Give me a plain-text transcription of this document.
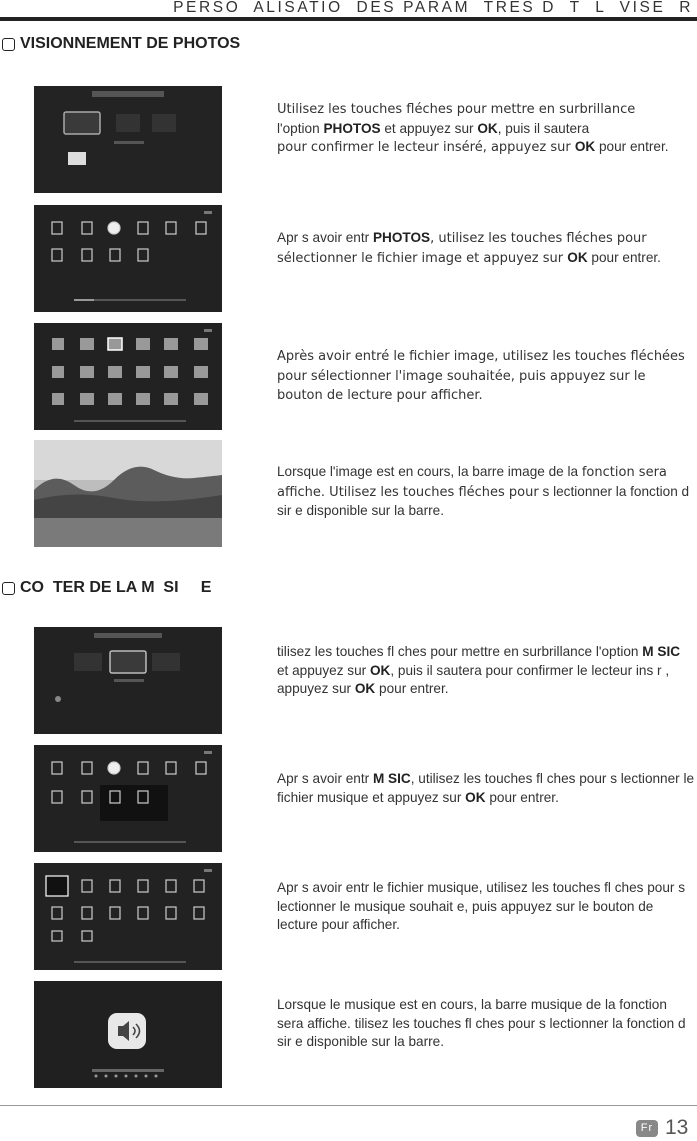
PERSO  ALISATIO  DES PARAM  TRES D  T  L  VISE  R
VISIONNEMENT DE PHOTOS
Utilisez les touches fléches pour mettre en surbrillance
l'option PHOTOS et appuyez sur OK, puis il sautera
pour confirmer le lecteur inséré, appuyez sur OK pour entrer.
Apr s avoir entr PHOTOS, utilisez les touches fléches pour sélectionner le fichier image et appuyez sur OK pour entrer.
Après avoir entré le fichier image, utilisez les touches fléchées pour sélectionner l'image souhaitée, puis appuyez sur le bouton de lecture pour afficher.
Lorsque l'image est en cours, la barre image de la fonction sera affiche. Utilisez les touches fléches pour s lectionner la fonction d sir e disponible sur la barre.
CO  TER DE LA M  SI     E
tilisez les touches fl ches pour mettre en surbrillance l'option M SIC et appuyez sur OK, puis il sautera pour confirmer le lecteur ins r , appuyez sur OK pour entrer.
Apr s avoir entr M SIC, utilisez les touches fl ches pour s lectionner le fichier musique et appuyez sur OK pour entrer.
Apr s avoir entr le fichier musique, utilisez les touches fl ches pour s lectionner le musique souhait e, puis appuyez sur le bouton de lecture pour afficher.
Lorsque le musique est en cours, la barre musique de la fonction sera affiche. tilisez les touches fl ches pour s lectionner la fonction d sir e disponible sur la barre.
Fr 13
